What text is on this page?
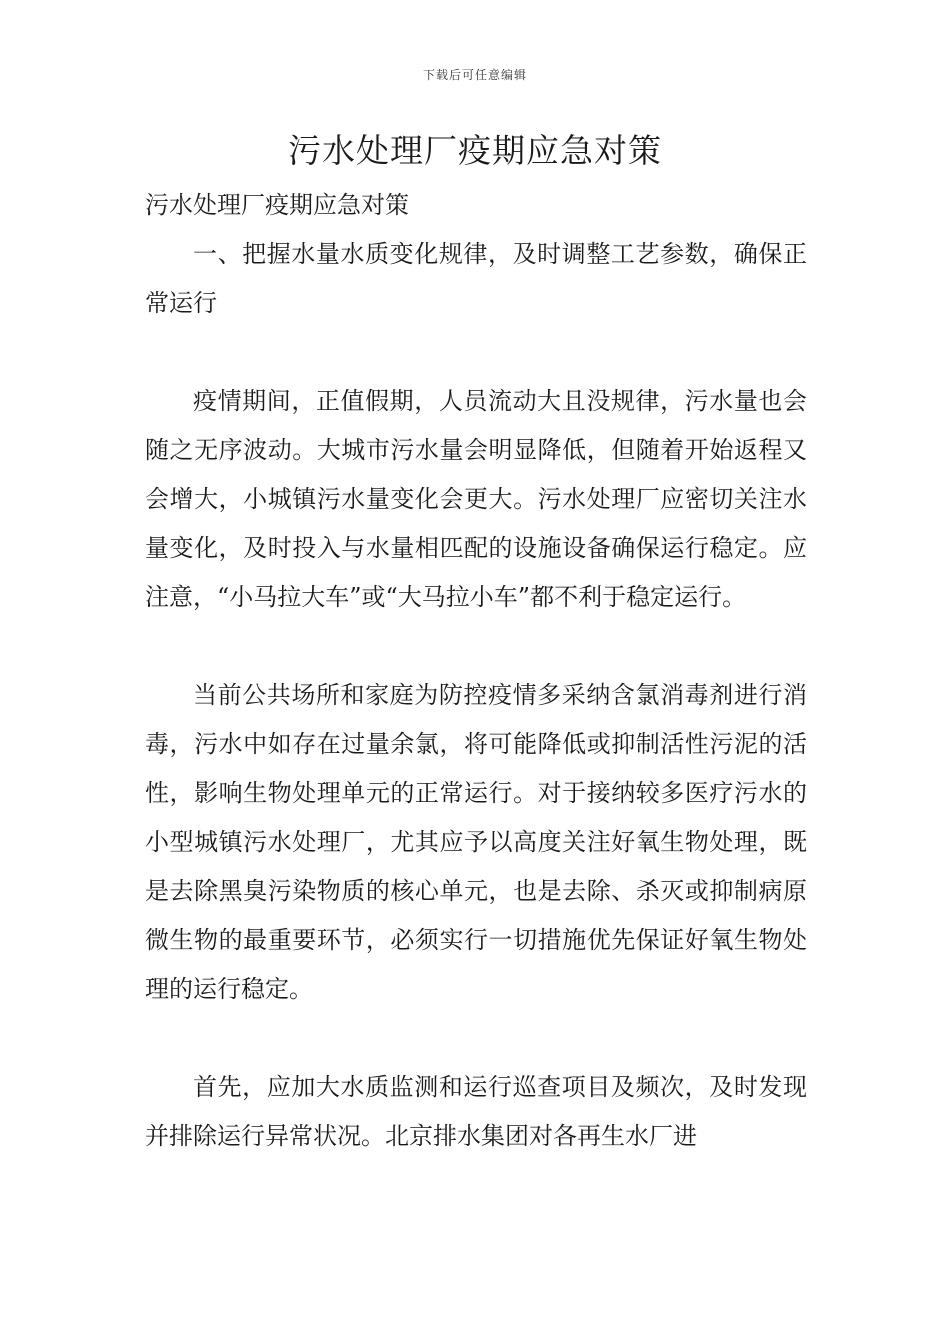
下载后可任意编辑
污水处理厂疫期应急对策

污水处理厂疫期应急对策

一、把握水量水质变化规律，及时调整工艺参数，确保正常运行

疫情期间，正值假期，人员流动大且没规律，污水量也会随之无序波动。大城市污水量会明显降低，但随着开始返程又会增大，小城镇污水量变化会更大。污水处理厂应密切关注水量变化，及时投入与水量相匹配的设施设备确保运行稳定。应注意，“小马拉大车”或“大马拉小车”都不利于稳定运行。

当前公共场所和家庭为防控疫情多采纳含氯消毒剂进行消毒，污水中如存在过量余氯，将可能降低或抑制活性污泥的活性，影响生物处理单元的正常运行。对于接纳较多医疗污水的小型城镇污水处理厂，尤其应予以高度关注好氧生物处理，既是去除黑臭污染物质的核心单元，也是去除、杀灭或抑制病原微生物的最重要环节，必须实行一切措施优先保证好氧生物处理的运行稳定。

首先，应加大水质监测和运行巡查项目及频次，及时发现并排除运行异常状况。北京排水集团对各再生水厂进
